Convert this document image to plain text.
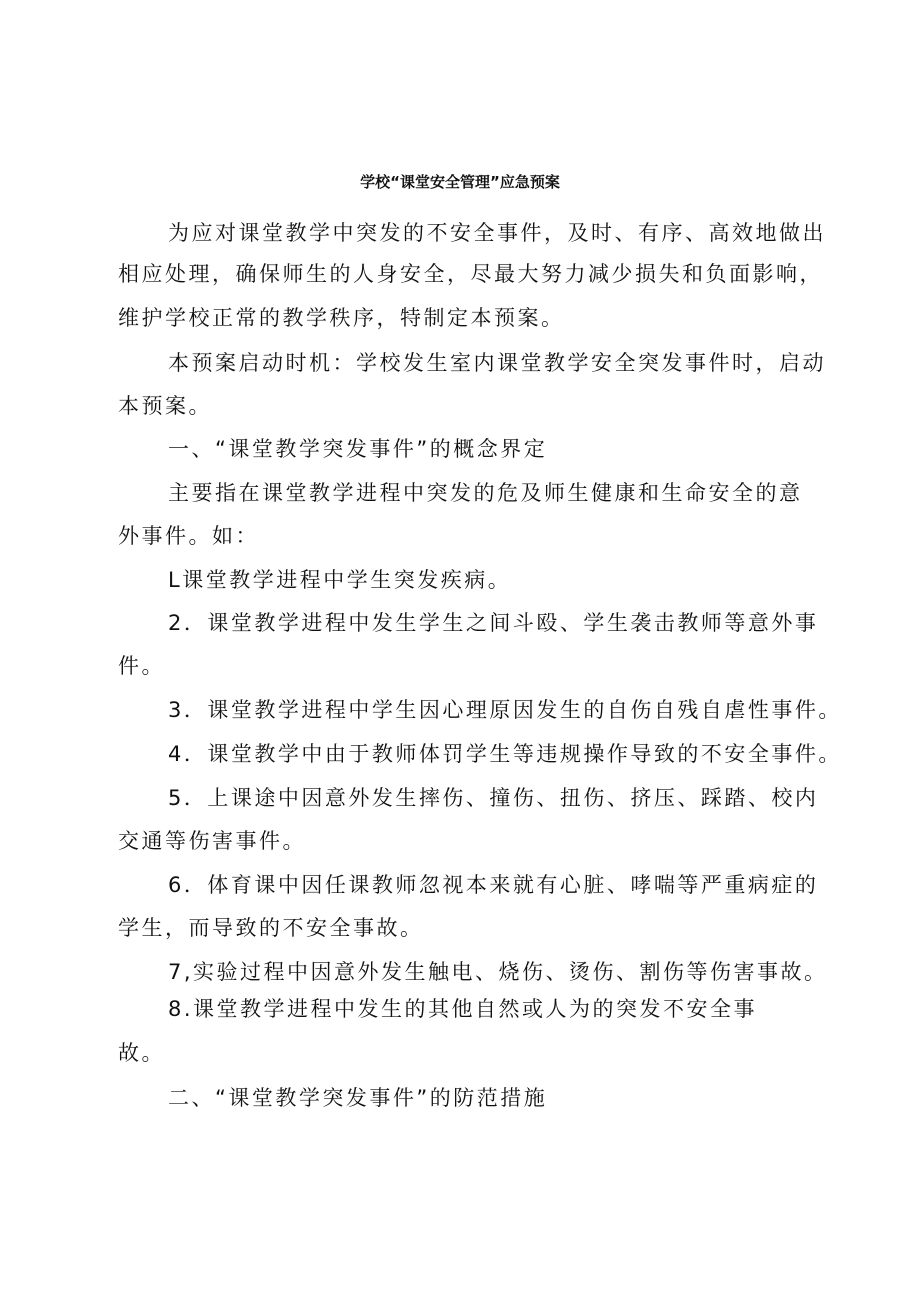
学校“课堂安全管理”应急预案
为应对课堂教学中突发的不安全事件，及时、有序、高效地做出
相应处理，确保师生的人身安全，尽最大努力减少损失和负面影响，
维护学校正常的教学秩序，特制定本预案。
本预案启动时机：学校发生室内课堂教学安全突发事件时，启动
本预案。
一、“课堂教学突发事件”的概念界定
主要指在课堂教学进程中突发的危及师生健康和生命安全的意
外事件。如：
L课堂教学进程中学生突发疾病。
2．课堂教学进程中发生学生之间斗殴、学生袭击教师等意外事
件。
3．课堂教学进程中学生因心理原因发生的自伤自残自虐性事件。
4．课堂教学中由于教师体罚学生等违规操作导致的不安全事件。
5．上课途中因意外发生摔伤、撞伤、扭伤、挤压、踩踏、校内
交通等伤害事件。
6．体育课中因任课教师忽视本来就有心脏、哮喘等严重病症的
学生，而导致的不安全事故。
7,实验过程中因意外发生触电、烧伤、烫伤、割伤等伤害事故。
8.课堂教学进程中发生的其他自然或人为的突发不安全事
故。
二、“课堂教学突发事件”的防范措施
